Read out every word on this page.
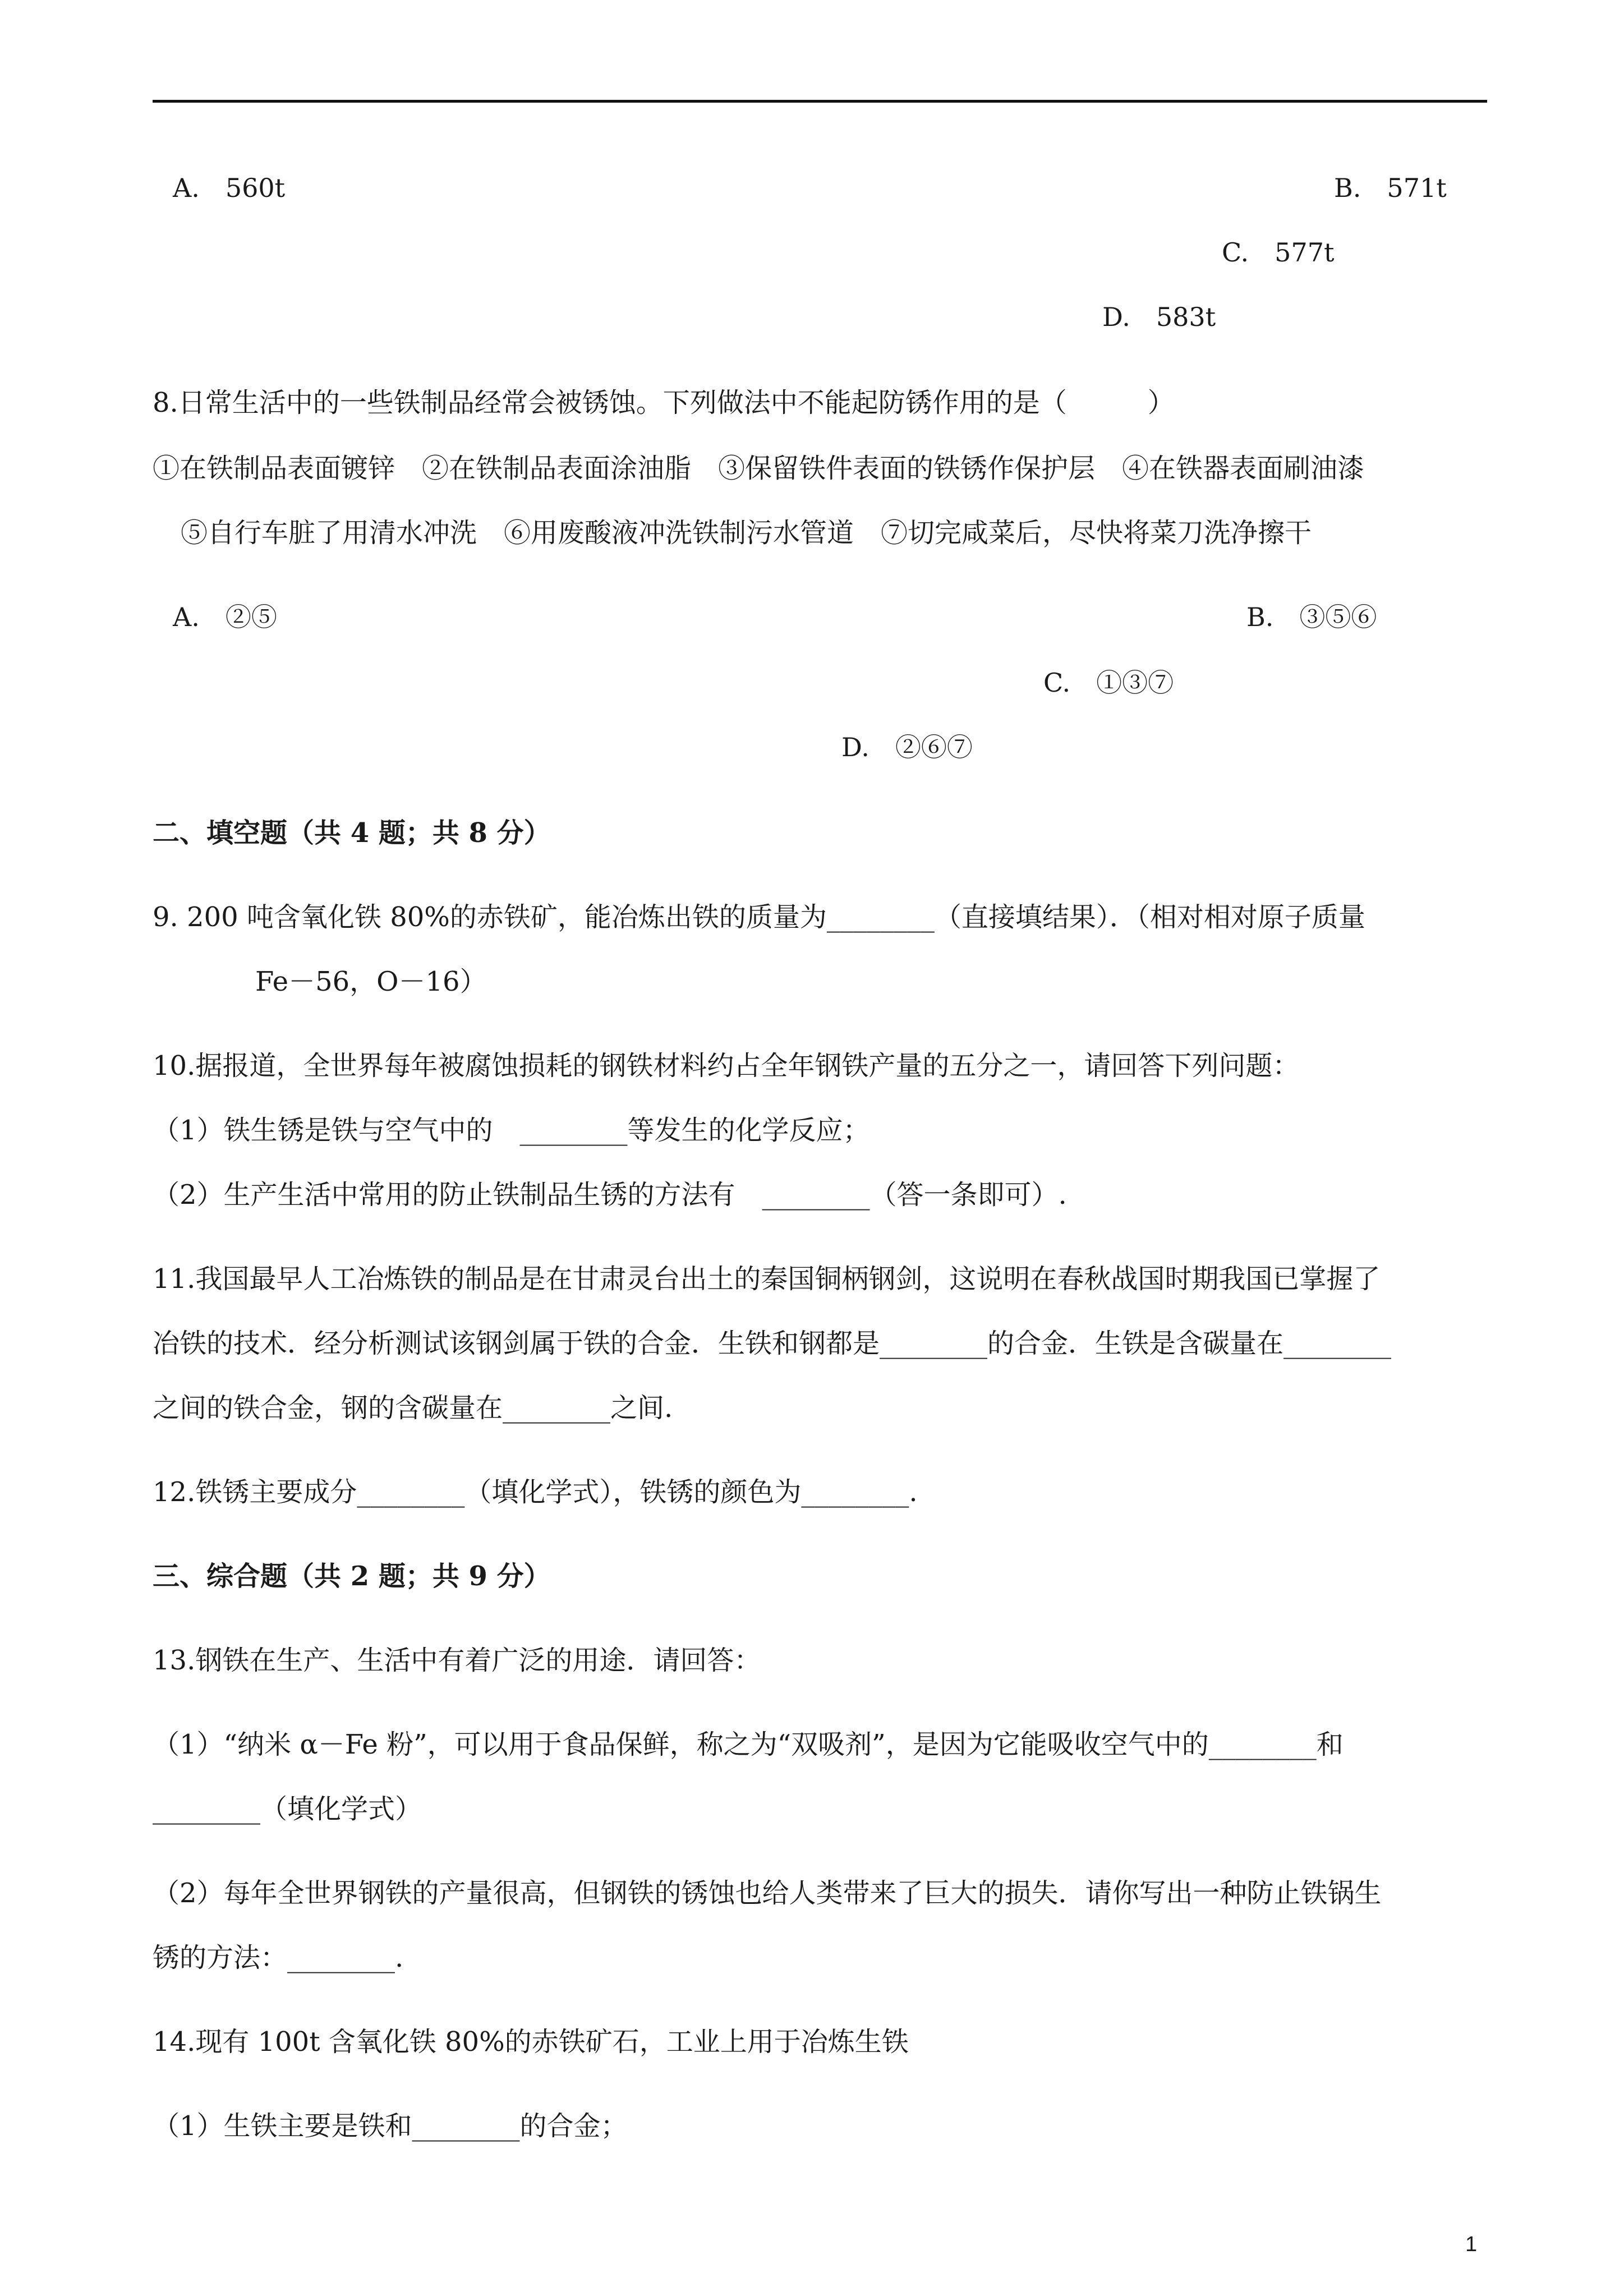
A.　560t	B.　571t
C.　577t
D.　583t
8.日常生活中的一些铁制品经常会被锈蚀。下列做法中不能起防锈作用的是（　　　）
①在铁制品表面镀锌　②在铁制品表面涂油脂　③保留铁件表面的铁锈作保护层　④在铁器表面刷油漆
⑤自行车脏了用清水冲洗　⑥用废酸液冲洗铁制污水管道　⑦切完咸菜后，尽快将菜刀洗净擦干
A.　②⑤	B.　③⑤⑥
C.　①③⑦
D.　②⑥⑦
二、填空题（共 4 题；共 8 分）
9. 200 吨含氧化铁 80%的赤铁矿，能冶炼出铁的质量为________（直接填结果）．（相对相对原子质量
Fe－56，O－16）
10.据报道，全世界每年被腐蚀损耗的钢铁材料约占全年钢铁产量的五分之一，请回答下列问题：
（1）铁生锈是铁与空气中的　________等发生的化学反应；
（2）生产生活中常用的防止铁制品生锈的方法有　________（答一条即可）.
11.我国最早人工冶炼铁的制品是在甘肃灵台出土的秦国铜柄钢剑，这说明在春秋战国时期我国已掌握了
冶铁的技术．经分析测试该钢剑属于铁的合金．生铁和钢都是________的合金．生铁是含碳量在________
之间的铁合金，钢的含碳量在________之间.
12.铁锈主要成分________（填化学式），铁锈的颜色为________.
三、综合题（共 2 题；共 9 分）
13.钢铁在生产、生活中有着广泛的用途．请回答：
（1）“纳米 α－Fe 粉”，可以用于食品保鲜，称之为“双吸剂”，是因为它能吸收空气中的________和
________（填化学式）
（2）每年全世界钢铁的产量很高，但钢铁的锈蚀也给人类带来了巨大的损失．请你写出一种防止铁锅生
锈的方法：________.
14.现有 100t 含氧化铁 80%的赤铁矿石，工业上用于冶炼生铁
（1）生铁主要是铁和________的合金；
1
